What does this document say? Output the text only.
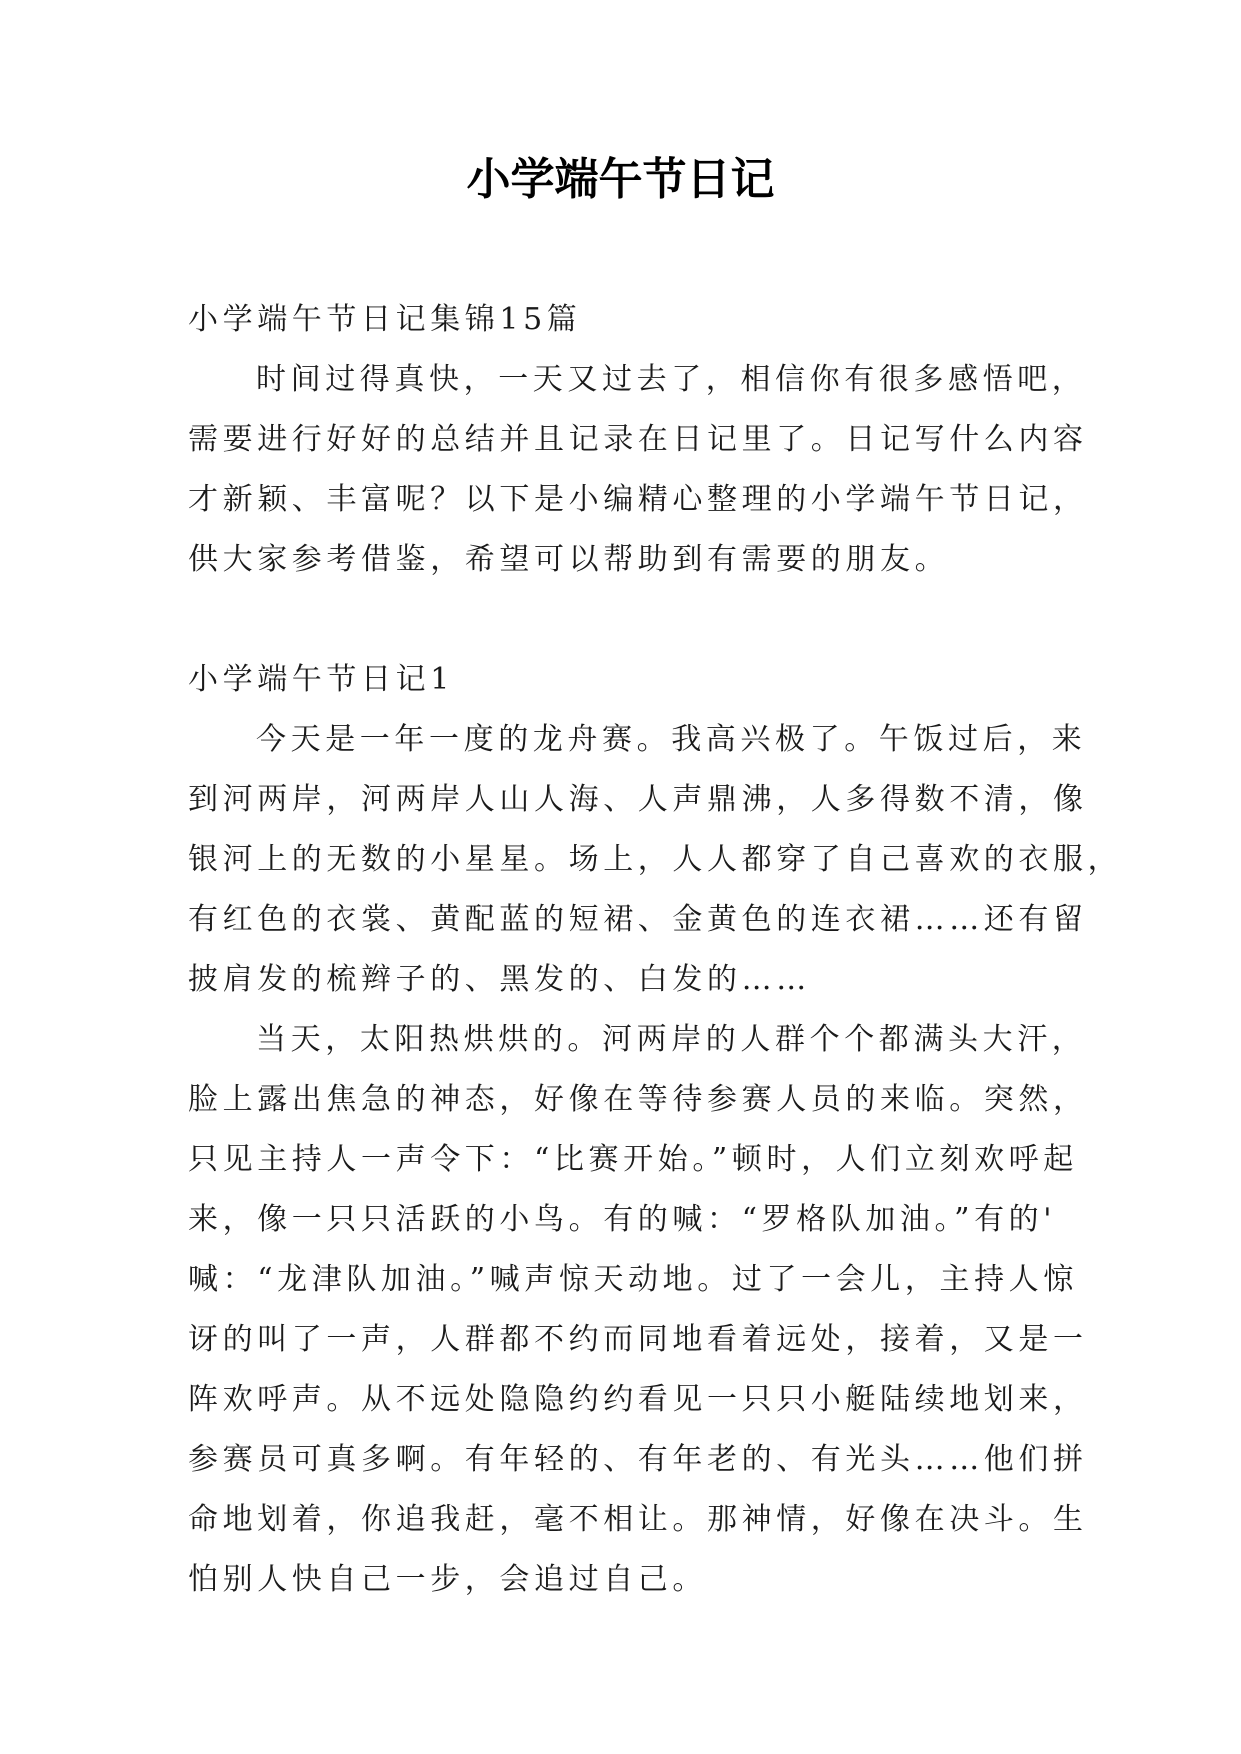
小学端午节日记
小学端午节日记集锦15篇
时间过得真快，一天又过去了，相信你有很多感悟吧，
需要进行好好的总结并且记录在日记里了。日记写什么内容
才新颖、丰富呢？以下是小编精心整理的小学端午节日记，
供大家参考借鉴，希望可以帮助到有需要的朋友。
小学端午节日记1
今天是一年一度的龙舟赛。我高兴极了。午饭过后，来
到河两岸，河两岸人山人海、人声鼎沸，人多得数不清，像
银河上的无数的小星星。场上，人人都穿了自己喜欢的衣服，
有红色的衣裳、黄配蓝的短裙、金黄色的连衣裙……还有留
披肩发的梳辫子的、黑发的、白发的……
当天，太阳热烘烘的。河两岸的人群个个都满头大汗，
脸上露出焦急的神态，好像在等待参赛人员的来临。突然，
只见主持人一声令下：“比赛开始。”顿时，人们立刻欢呼起
来，像一只只活跃的小鸟。有的喊：“罗格队加油。”有的'
喊：“龙津队加油。”喊声惊天动地。过了一会儿，主持人惊
讶的叫了一声，人群都不约而同地看着远处，接着，又是一
阵欢呼声。从不远处隐隐约约看见一只只小艇陆续地划来，
参赛员可真多啊。有年轻的、有年老的、有光头……他们拼
命地划着，你追我赶，毫不相让。那神情，好像在决斗。生
怕别人快自己一步，会追过自己。
